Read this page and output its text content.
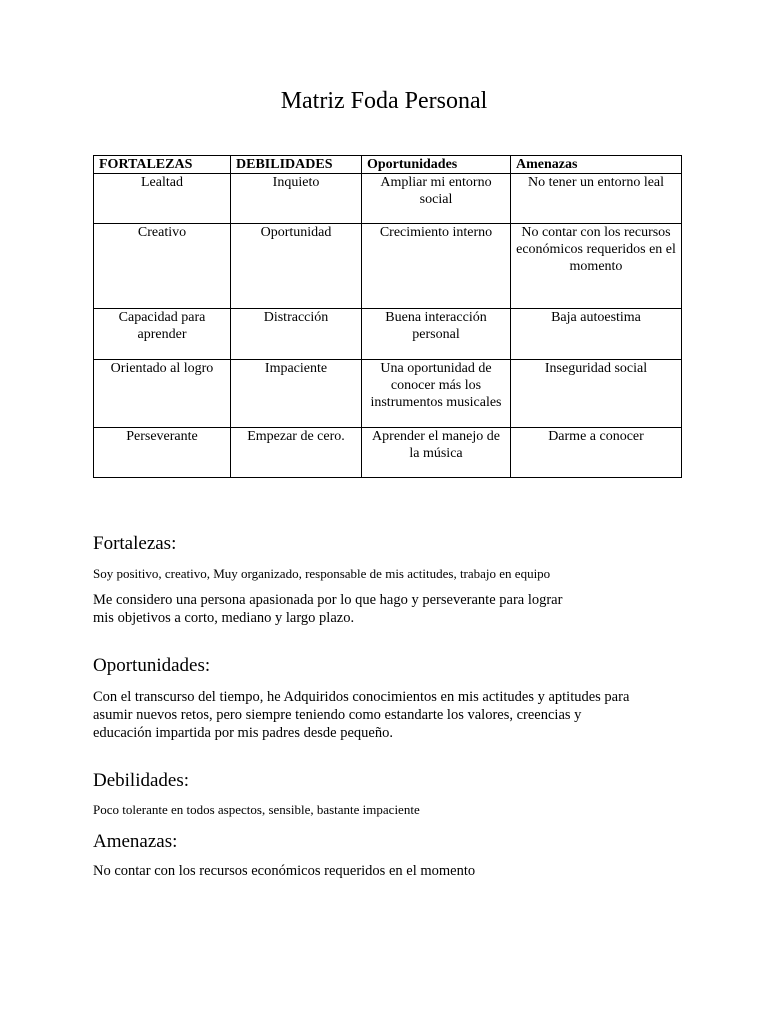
Matriz Foda Personal
FORTALEZAS	DEBILIDADES	Oportunidades	Amenazas
Lealtad	Inquieto	Ampliar mi entorno social	No tener un entorno leal
Creativo	Oportunidad	Crecimiento interno	No contar con los recursos económicos requeridos en el momento
Capacidad para aprender	Distracción	Buena interacción personal	Baja autoestima
Orientado al logro	Impaciente	Una oportunidad de conocer más los instrumentos musicales	Inseguridad social
Perseverante	Empezar de cero.	Aprender el manejo de la música	Darme a conocer
Fortalezas:
Soy positivo, creativo, Muy organizado, responsable de mis actitudes, trabajo en equipo
Me considero una persona apasionada por lo que hago y perseverante para lograr
mis objetivos a corto, mediano y largo plazo.
Oportunidades:
Con el transcurso del tiempo, he Adquiridos conocimientos en mis actitudes y aptitudes para
asumir nuevos retos, pero siempre teniendo como estandarte los valores, creencias y
educación impartida por mis padres desde pequeño.
Debilidades:
Poco tolerante en todos aspectos, sensible, bastante impaciente
Amenazas:
No contar con los recursos económicos requeridos en el momento
